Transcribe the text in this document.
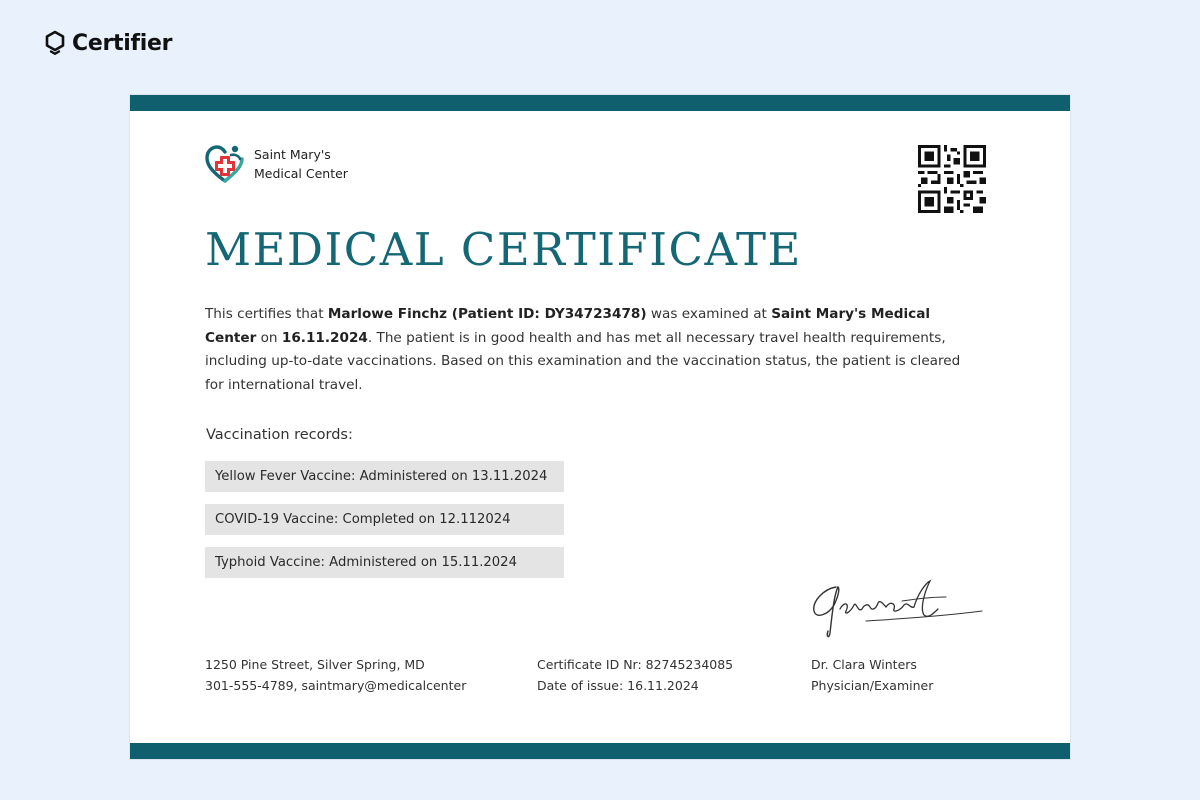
Certifier
Saint Mary's
Medical Center
MEDICAL CERTIFICATE
This certifies that Marlowe Finchz (Patient ID: DY34723478) was examined at Saint Mary's Medical Center on 16.11.2024. The patient is in good health and has met all necessary travel health requirements, including up-to-date vaccinations. Based on this examination and the vaccination status, the patient is cleared for international travel.
Vaccination records:
Yellow Fever Vaccine: Administered on 13.11.2024
COVID-19 Vaccine: Completed on 12.112024
Typhoid Vaccine: Administered on 15.11.2024
1250 Pine Street, Silver Spring, MD
301-555-4789, saintmary@medicalcenter
Certificate ID Nr: 82745234085
Date of issue: 16.11.2024
Dr. Clara Winters
Physician/Examiner
